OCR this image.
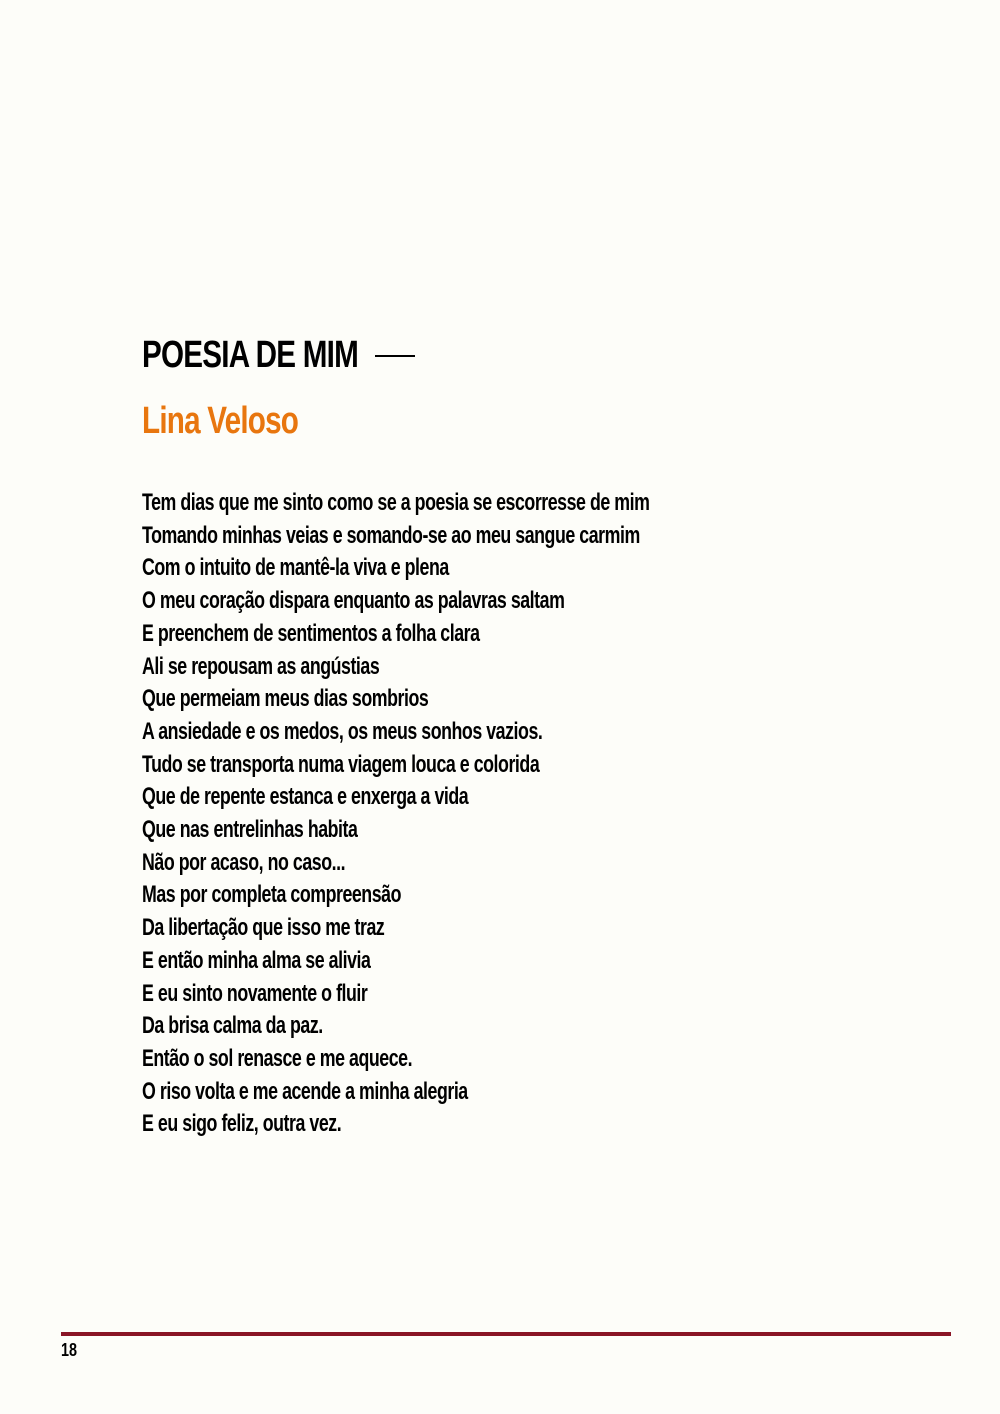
POESIA DE MIM
Lina Veloso
Tem dias que me sinto como se a poesia se escorresse de mim
Tomando minhas veias e somando-se ao meu sangue carmim
Com o intuito de mantê-la viva e plena
O meu coração dispara enquanto as palavras saltam
E preenchem de sentimentos a folha clara
Ali se repousam as angústias
Que permeiam meus dias sombrios
A ansiedade e os medos, os meus sonhos vazios.
Tudo se transporta numa viagem louca e colorida
Que de repente estanca e enxerga a vida
Que nas entrelinhas habita
Não por acaso, no caso...
Mas por completa compreensão
Da libertação que isso me traz
E então minha alma se alivia
E eu sinto novamente o fluir
Da brisa calma da paz.
Então o sol renasce e me aquece.
O riso volta e me acende a minha alegria
E eu sigo feliz, outra vez.
18
